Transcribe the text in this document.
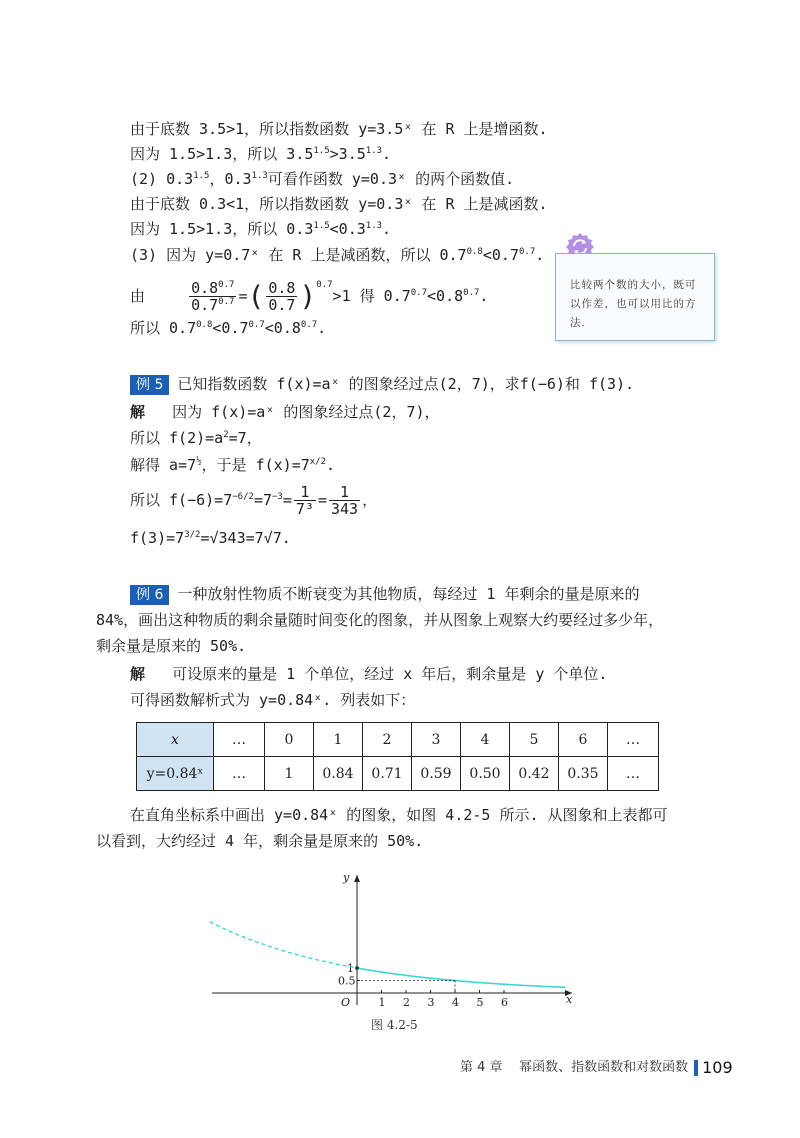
由于底数 3.5>1，所以指数函数 y=3.5ˣ 在 R 上是增函数.
因为 1.5>1.3，所以 $3.5^{1.5}>3.5^{1.3}$.
(2) $0.3^{1.5}$，$0.3^{1.3}$可看作函数 y=0.3ˣ 的两个函数值.
由于底数 0.3<1，所以指数函数 y=0.3ˣ 在 R 上是减函数.
因为 1.5>1.3，所以 $0.3^{1.5}<0.3^{1.3}$.
(3) 因为 y=0.7ˣ 在 R 上是减函数，所以 $0.7^{0.8}<0.7^{0.7}$.
由	$\frac{0.8^{0.7}}{0.7^{0.7}}$ =( $\frac{0.8}{0.7} )^{0.7}>1$ 得 $0.7^{0.7}<0.8^{0.7}$.
所以 $0.7^{0.8}<0.7^{0.7}<0.8^{0.7}$.
比较两个数的大小，既可以作差，也可以用比的方法.
例 5 已知指数函数 f(x)=aˣ 的图象经过点(2，7)，求f(−6)和 f(3).
解 因为 f(x)=aˣ 的图象经过点(2，7)，
所以 $f(2)=a^2=7$，
解得 $a=7^{\frac{1}{2}}$，于是 $f(x)=7^{x/2}$.
所以 $f(-6)=7^{-6/2}=7^{-3}= \frac{1}{\text{7³}} = \frac{1}{343}$ ，
$f(3)=7^{3/2}=√343=7√7$.
例 6 一种放射性物质不断衰变为其他物质，每经过 1 年剩余的量是原来的
84%，画出这种物质的剩余量随时间变化的图象，并从图象上观察大约要经过多少年，
剩余量是原来的 50%.
解 可设原来的量是 1 个单位，经过 x 年后，剩余量是 y 个单位.
可得函数解析式为 y=0.84ˣ. 列表如下：
x	…	0	1	2	3	4	5	6	…
y=0.84ˣ	…	1	0.84	0.71	0.59	0.50	0.42	0.35	…
在直角坐标系中画出 y=0.84ˣ 的图象，如图 4.2-5 所示. 从图象和上表都可
以看到，大约经过 4 年，剩余量是原来的 50%.
x
y
O	1 2 3 4 5 6
0.5
1
图 4.2-5
第 4 章 幂函数、指数函数和对数函数 109
